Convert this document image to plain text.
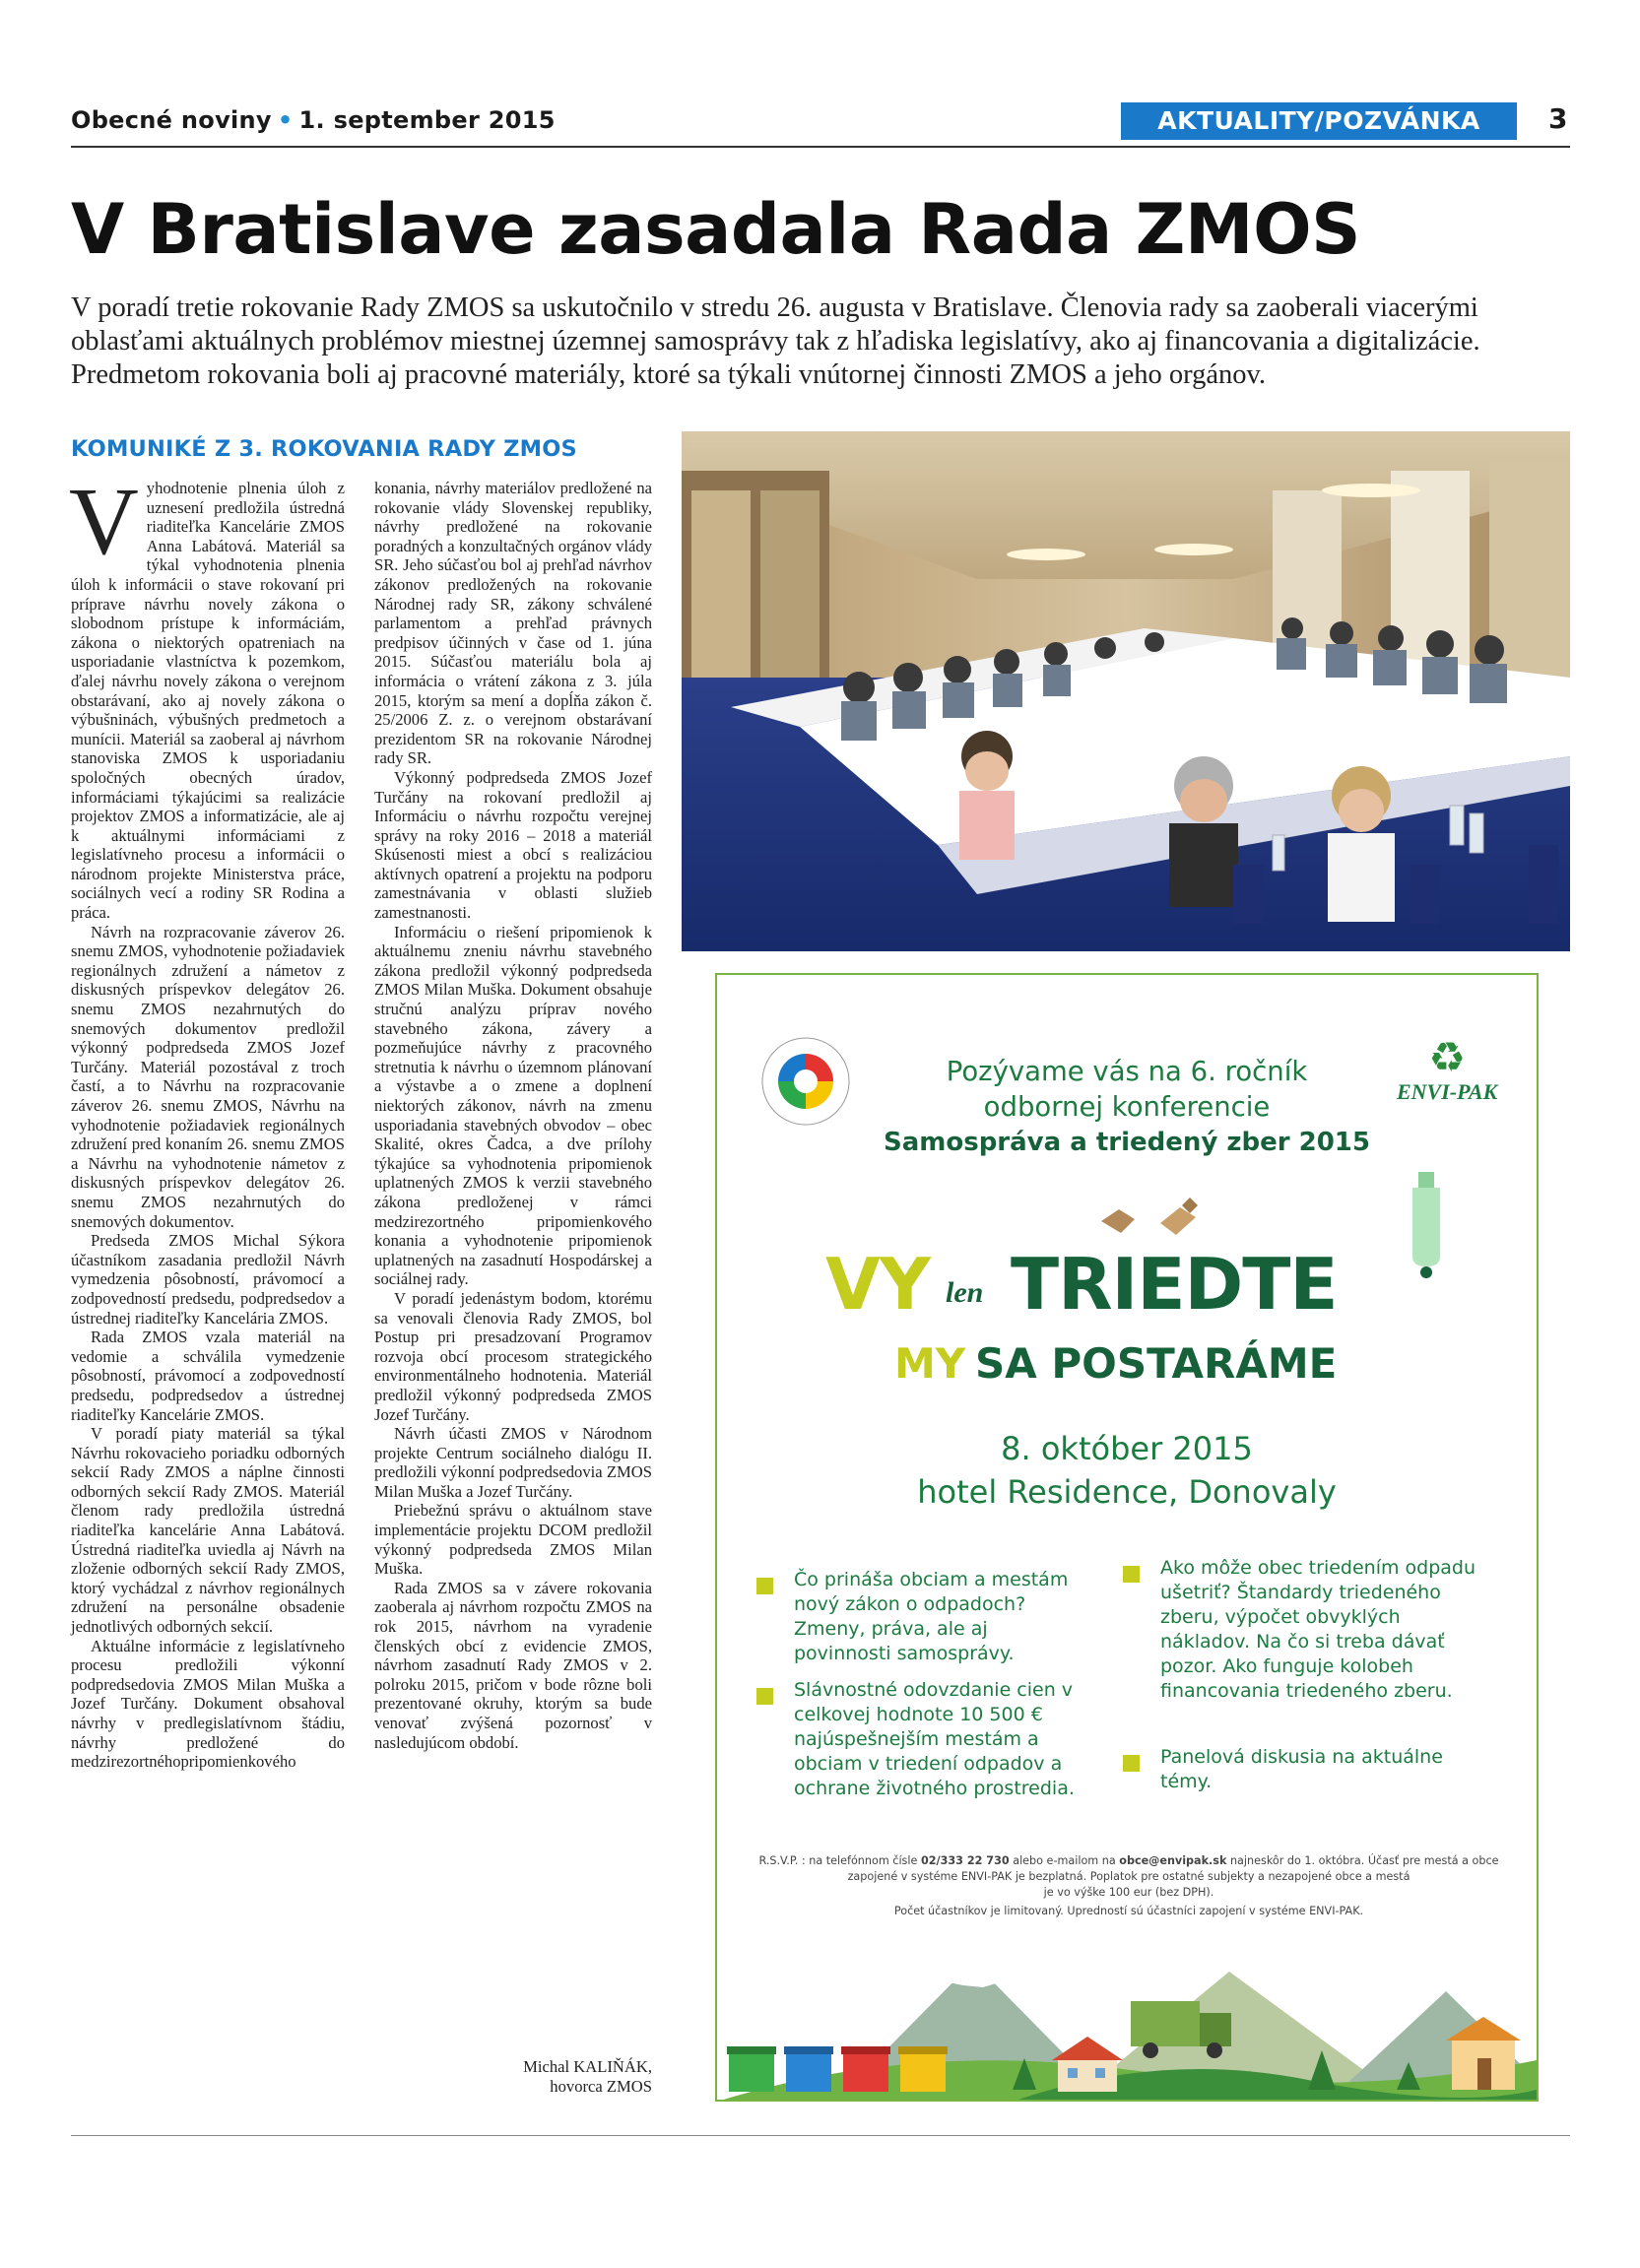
Obecné noviny • 1. september 2015	AKTUALITY/POZVÁNKA	3
V Bratislave zasadala Rada ZMOS
V poradí tretie rokovanie Rady ZMOS sa uskutočnilo v stredu 26. augusta v Bratislave. Členovia rady sa zaoberali viacerými oblasťami aktuálnych problémov miestnej územnej samosprávy tak z hľadiska legislatívy, ako aj financovania a digitalizácie. Predmetom rokovania boli aj pracovné materiály, ktoré sa týkali vnútornej činnosti ZMOS a jeho orgánov.
KOMUNIKÉ Z 3. ROKOVANIA RADY ZMOS

Vyhodnotenie plnenia úloh z uznesení predložila ústredná riaditeľka Kancelárie ZMOS Anna Labátová. Materiál sa týkal vyhodnotenia plnenia úloh k informácii o stave rokovaní pri príprave návrhu novely zákona o slobodnom prístupe k informáciám, zákona o niektorých opatreniach na usporiadanie vlastníctva k pozemkom, ďalej návrhu novely zákona o verejnom obstarávaní, ako aj novely zákona o výbušninách, výbušných predmetoch a munícii. Materiál sa zaoberal aj návrhom stanoviska ZMOS k usporiadaniu spoločných obecných úradov, informáciami týkajúcimi sa realizácie projektov ZMOS a informatizácie, ale aj k aktuálnymi informáciami z legislatívneho procesu a informácii o národnom projekte Ministerstva práce, sociálnych vecí a rodiny SR Rodina a práca.

Návrh na rozpracovanie záverov 26. snemu ZMOS, vyhodnotenie požiadaviek regionálnych združení a námetov z diskusných príspevkov delegátov 26. snemu ZMOS nezahrnutých do snemových dokumentov predložil výkonný podpredseda ZMOS Jozef Turčány. Materiál pozostával z troch častí, a to Návrhu na rozpracovanie záverov 26. snemu ZMOS, Návrhu na vyhodnotenie požiadaviek regionálnych združení pred konaním 26. snemu ZMOS a Návrhu na vyhodnotenie námetov z diskusných príspevkov delegátov 26. snemu ZMOS nezahrnutých do snemových dokumentov.

Predseda ZMOS Michal Sýkora účastníkom zasadania predložil Návrh vymedzenia pôsobností, právomocí a zodpovedností predsedu, podpredsedov a ústrednej riaditeľky Kancelária ZMOS.

Rada ZMOS vzala materiál na vedomie a schválila vymedzenie pôsobností, právomocí a zodpovedností predsedu, podpredsedov a ústrednej riaditeľky Kancelárie ZMOS.

V poradí piaty materiál sa týkal Návrhu rokovacieho poriadku odborných sekcií Rady ZMOS a náplne činnosti odborných sekcií Rady ZMOS. Materiál členom rady predložila ústredná riaditeľka kancelárie Anna Labátová. Ústredná riaditeľka uviedla aj Návrh na zloženie odborných sekcií Rady ZMOS, ktorý vychádzal z návrhov regionálnych združení na personálne obsadenie jednotlivých odborných sekcií.

Aktuálne informácie z legislatívneho procesu predložili výkonní podpredsedovia ZMOS Milan Muška a Jozef Turčány. Dokument obsahoval návrhy v predlegislatívnom štádiu, návrhy predložené do medzirezortnéhopripomienkového

konania, návrhy materiálov predložené na rokovanie vlády Slovenskej republiky, návrhy predložené na rokovanie poradných a konzultačných orgánov vlády SR. Jeho súčasťou bol aj prehľad návrhov zákonov predložených na rokovanie Národnej rady SR, zákony schválené parlamentom a prehľad právnych predpisov účinných v čase od 1. júna 2015. Súčasťou materiálu bola aj informácia o vrátení zákona z 3. júla 2015, ktorým sa mení a dopĺňa zákon č. 25/2006 Z. z. o verejnom obstarávaní prezidentom SR na rokovanie Národnej rady SR.

Výkonný podpredseda ZMOS Jozef Turčány na rokovaní predložil aj Informáciu o návrhu rozpočtu verejnej správy na roky 2016 – 2018 a materiál Skúsenosti miest a obcí s realizáciou aktívnych opatrení a projektu na podporu zamestnávania v oblasti služieb zamestnanosti.

Informáciu o riešení pripomienok k aktuálnemu zneniu návrhu stavebného zákona predložil výkonný podpredseda ZMOS Milan Muška. Dokument obsahuje stručnú analýzu príprav nového stavebného zákona, závery a pozmeňujúce návrhy z pracovného stretnutia k návrhu o územnom plánovaní a výstavbe a o zmene a doplnení niektorých zákonov, návrh na zmenu usporiadania stavebných obvodov – obec Skalité, okres Čadca, a dve prílohy týkajúce sa vyhodnotenia pripomienok uplatnených ZMOS k verzii stavebného zákona predloženej v rámci medzirezortného pripomienkového konania a vyhodnotenie pripomienok uplatnených na zasadnutí Hospodárskej a sociálnej rady.

V poradí jedenástym bodom, ktorému sa venovali členovia Rady ZMOS, bol Postup pri presadzovaní Programov rozvoja obcí procesom strategického environmentálneho hodnotenia. Materiál predložil výkonný podpredseda ZMOS Jozef Turčány.

Návrh účasti ZMOS v Národnom projekte Centrum sociálneho dialógu II. predložili výkonní podpredsedovia ZMOS Milan Muška a Jozef Turčány.

Priebežnú správu o aktuálnom stave implementácie projektu DCOM predložil výkonný podpredseda ZMOS Milan Muška.

Rada ZMOS sa v závere rokovania zaoberala aj návrhom rozpočtu ZMOS na rok 2015, návrhom na vyradenie členských obcí z evidencie ZMOS, návrhom zasadnutí Rady ZMOS v 2. polroku 2015, pričom v bode rôzne boli prezentované okruhy, ktorým sa bude venovať zvýšená pozornosť v nasledujúcom období.

Michal KALIŇÁK,
hovorca ZMOS
♻
ENVI-PAK
Pozývame vás na 6. ročník
odbornej konferencie
Samospráva a triedený zber 2015
VY len TRIEDTE
MY SA POSTARÁME
8. október 2015
hotel Residence, Donovaly
Čo prináša obciam a mestám nový zákon o odpadoch? Zmeny, práva, ale aj povinnosti samosprávy.
Slávnostné odovzdanie cien v celkovej hodnote 10 500 € najúspešnejším mestám a obciam v triedení odpadov a ochrane životného prostredia.
Ako môže obec triedením odpadu ušetriť? Štandardy triedeného zberu, výpočet obvyklých nákladov. Na čo si treba dávať pozor. Ako funguje kolobeh financovania triedeného zberu.
Panelová diskusia na aktuálne témy.
R.S.V.P. : na telefónnom čísle 02/333 22 730 alebo e-mailom na obce@envipak.sk najneskôr do 1. októbra. Účasť pre mestá a obce
zapojené v systéme ENVI-PAK je bezplatná. Poplatok pre ostatné subjekty a nezapojené obce a mestá
je vo výške 100 eur (bez DPH).
Počet účastníkov je limitovaný. Upredností sú účastníci zapojení v systéme ENVI-PAK.
